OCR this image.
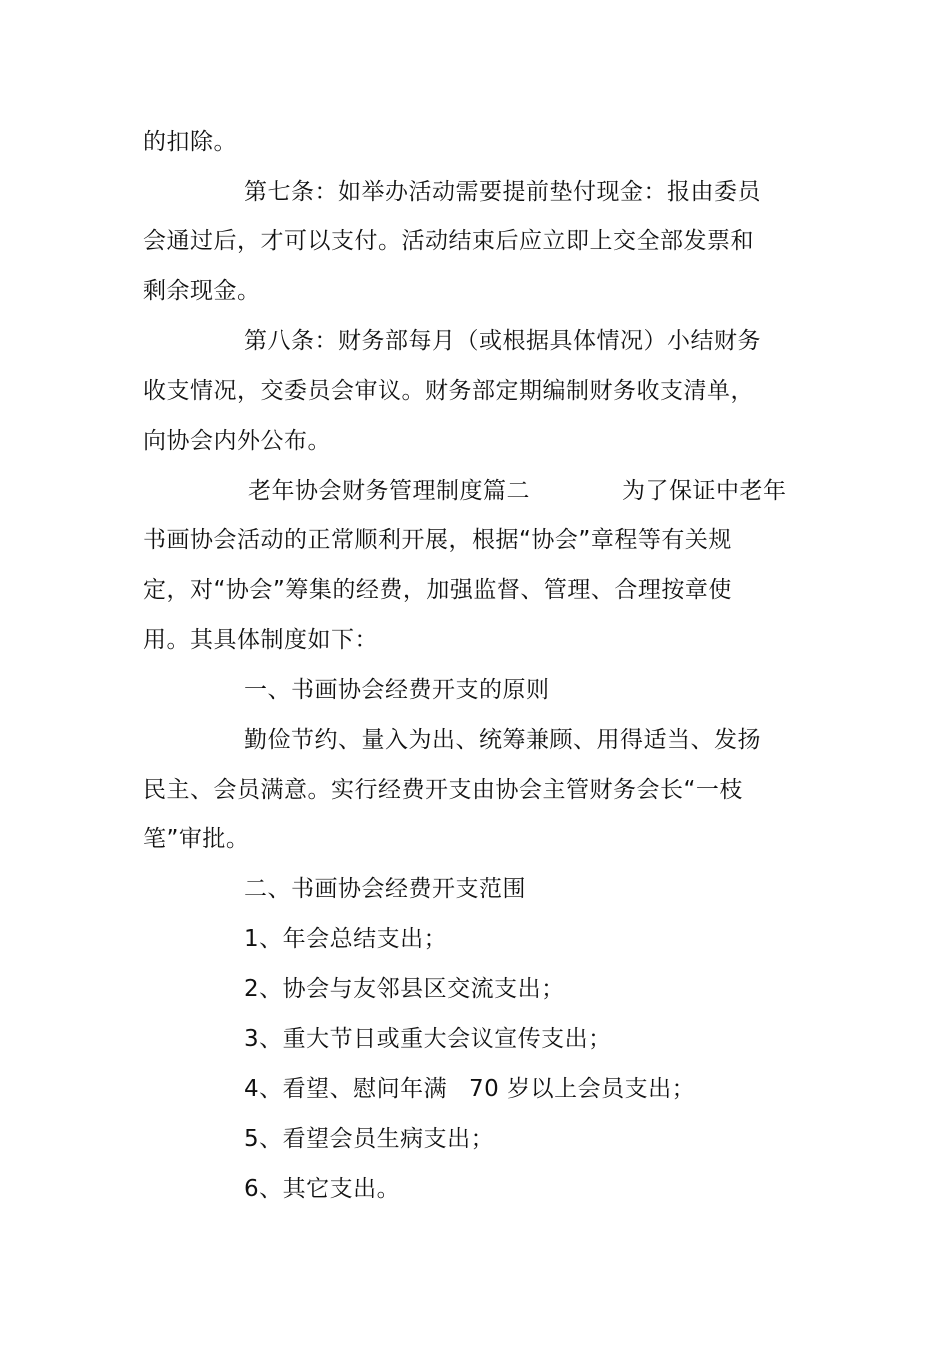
的扣除。
第七条：如举办活动需要提前垫付现金：报由委员
会通过后，才可以支付。活动结束后应立即上交全部发票和
剩余现金。
第八条：财务部每月（或根据具体情况）小结财务
收支情况，交委员会审议。财务部定期编制财务收支清单，
向协会内外公布。
老年协会财务管理制度篇二	为了保证中老年
书画协会活动的正常顺利开展，根据“协会”章程等有关规
定，对“协会”筹集的经费，加强监督、管理、合理按章使
用。其具体制度如下：
一、书画协会经费开支的原则
勤俭节约、量入为出、统筹兼顾、用得适当、发扬
民主、会员满意。实行经费开支由协会主管财务会长“一枝
笔”审批。
二、书画协会经费开支范围
1、年会总结支出；
2、协会与友邻县区交流支出；
3、重大节日或重大会议宣传支出；
4、看望、慰问年满 70 岁以上会员支出；
5、看望会员生病支出；
6、其它支出。
